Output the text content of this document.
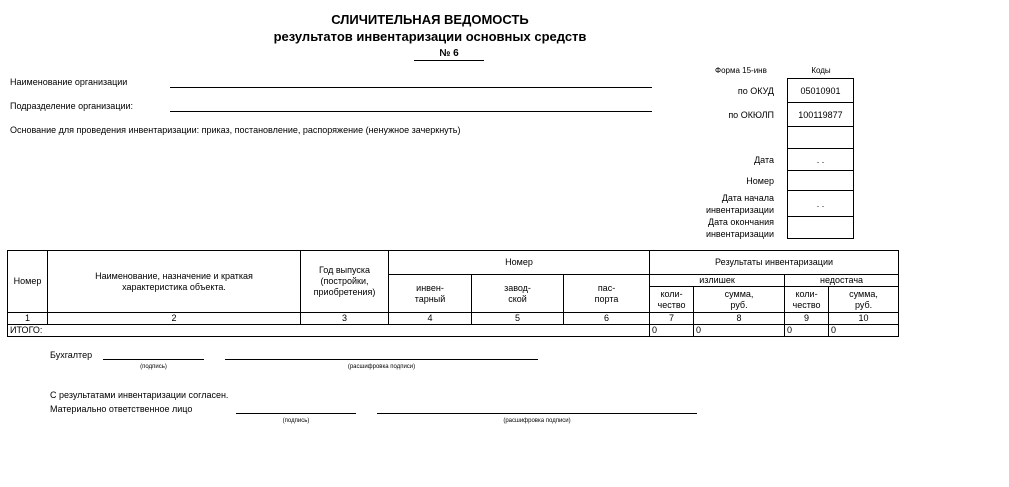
СЛИЧИТЕЛЬНАЯ ВЕДОМОСТЬ
результатов инвентаризации основных средств
№ 6
Наименование организации
Подразделение организации:
Основание для проведения инвентаризации: приказ, постановление, распоряжение (ненужное зачеркнуть)
Форма 15-инв	Коды
по ОКУД	05010901
по ОКЮЛП	100119877
Дата	. .
Номер
Дата начала
инвентаризации
. .
Дата окончания
инвентаризации
Номер	Наименование, назначение и краткая характеристика объекта.	Год выпуска (постройки, приобретения)	Номер			Результаты инвентаризации			

			инвен-тарный	завод-ской	пас-порта	излишек		недостача	

						коли-чество	сумма, руб.	коли-чество	сумма, руб.

1	2	3	4	5	6	7	8	9	10
ИТОГО:						0	0	0	0
Бухгалтер
(подпись)	(расшифровка подписи)
С результатами инвентаризации согласен.
Материально ответственное лицо
(подпись)	(расшифровка подписи)
